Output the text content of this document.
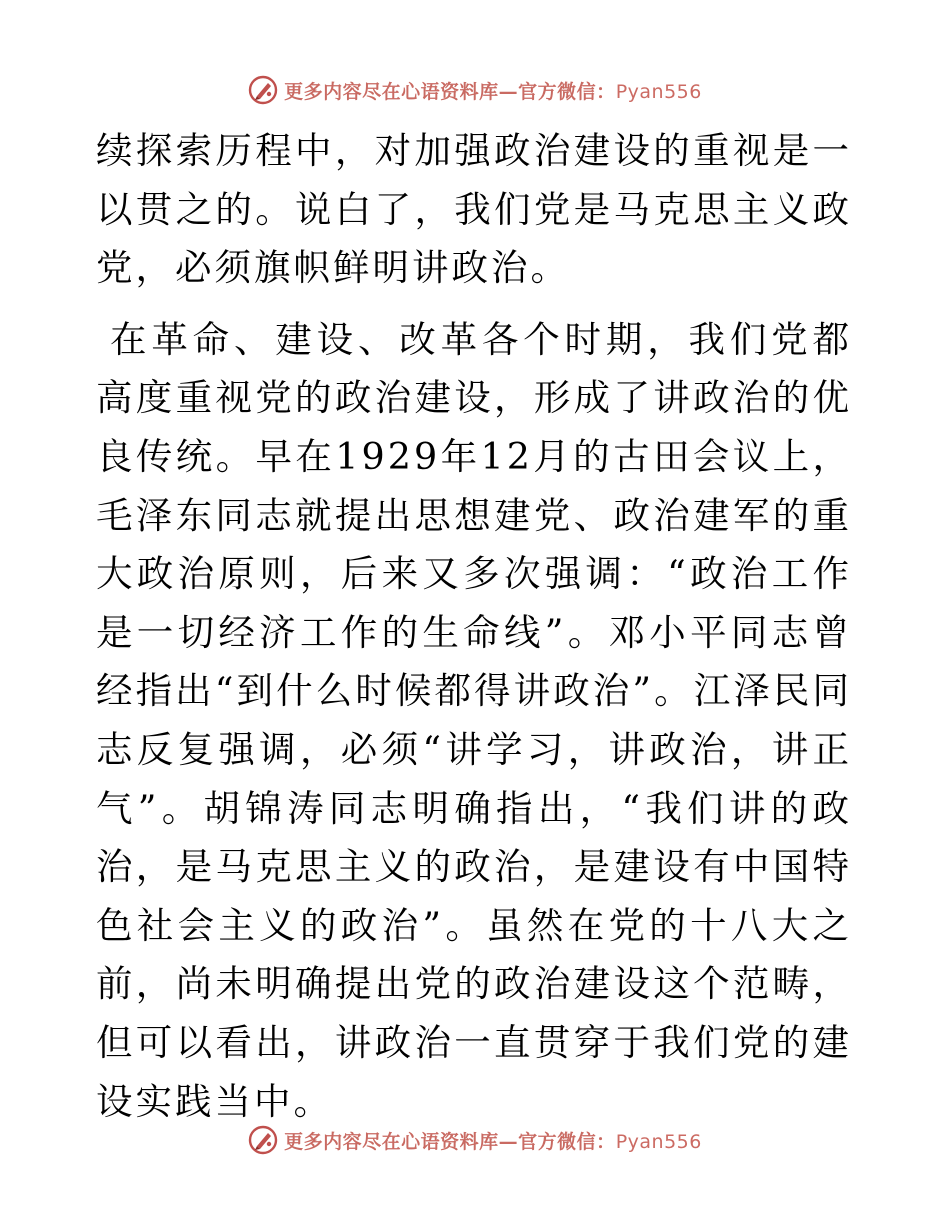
更多内容尽在心语资料库—官方微信：Pyan556

续探索历程中，对加强政治建设的重视是一以贯之的。说白了，我们党是马克思主义政党，必须旗帜鲜明讲政治。

在革命、建设、改革各个时期，我们党都高度重视党的政治建设，形成了讲政治的优良传统。早在1929年12月的古田会议上，毛泽东同志就提出思想建党、政治建军的重大政治原则，后来又多次强调：“政治工作是一切经济工作的生命线”。邓小平同志曾经指出“到什么时候都得讲政治”。江泽民同志反复强调，必须“讲学习，讲政治，讲正气”。胡锦涛同志明确指出，“我们讲的政治，是马克思主义的政治，是建设有中国特色社会主义的政治”。虽然在党的十八大之前，尚未明确提出党的政治建设这个范畴，但可以看出，讲政治一直贯穿于我们党的建设实践当中。

更多内容尽在心语资料库—官方微信：Pyan556
